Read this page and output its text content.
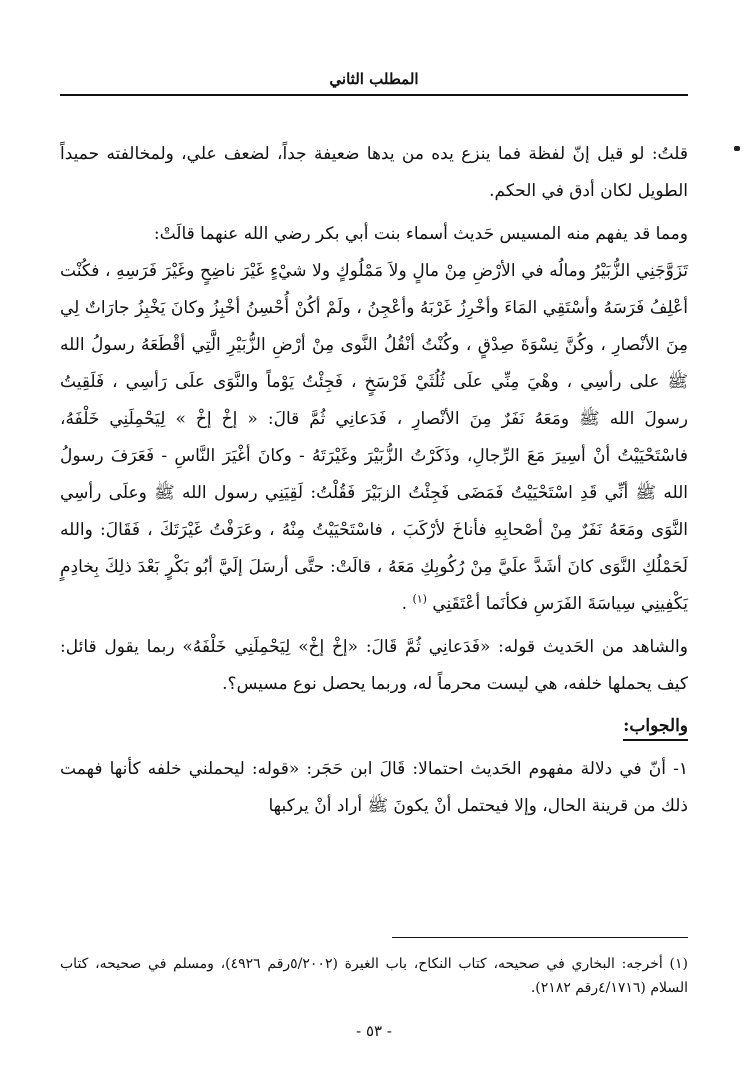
المطلب الثاني

قلتُ: لو قيل إنّ لفظة فما ينزع يده من يدها ضعيفة جداً، لضعف علي، ولمخالفته حميداً الطويل لكان أدق في الحكم.

ومما قد يفهم منه المسيس حَديث أسماء بنت أبي بكر رضي الله عنهما قالَتْ:

تَزَوَّجَنِي الزُّبَيْرُ ومالُه في الأرْضِ مِنْ مالٍ ولاَ مَمْلُوكٍ ولا شيْءٍ غَيْرَ ناضِحٍ وغَيْرَ فَرَسِهِ ، فكُنْت أعْلِفُ فَرَسَهُ وأسْتَقِي المَاءَ وأخْرِزُ غَرْبَهُ وأعْجِنُ ، ولَمْ أكُنْ أُحْسِنُ أخْبِزُ وكانَ يَخْبِزُ جارَاتٌ لِي مِنَ الأنْصارِ ، وكُنَّ نِسْوَةَ صِدْقٍ ، وكُنْتُ أنْقُلُ النَّوى مِنْ أرْضِ الزُّبَيْرِ الَّتِي أقْطَعَهُ رسولُ الله ﷺ على رأسِي ، وهْيَ مِنِّي علَى ثُلُثَيْ فَرْسَخٍ ، فَجِئْتُ يَوْماً والنَّوَى علَى رَأسِي ، فَلَقِيتُ رسولَ الله ﷺ ومَعَهُ نَفَرٌ مِنَ الأنْصارِ ، فَدَعانِي ثُمَّ قالَ: « إخْ إخْ » لِيَحْمِلَنِي خَلْفَهُ، فاسْتَحْيَيْتُ أنْ أسِيرَ مَعَ الرِّجالِ، وذَكَرْتُ الزُّبَيْرَ وغَيْرَتَهُ - وكانَ أغْيَرَ النَّاسِ - فَعَرَفَ رسولُ الله ﷺ أنِّي قَدِ اسْتَحْيَيْتُ فَمَضَى فَجِئْتُ الزبَيْرَ فَقُلْتُ: لَقِيَنِي رسول الله ﷺ وعلَى رأسِي النَّوَى ومَعَهُ نَفَرٌ مِنْ أصْحابِهِ فأناخَ لأرْكَبَ ، فاسْتَحْيَيْتُ مِنْهُ ، وعَرَفْتُ غَيْرَتَكَ ، فَقَالَ: والله لَحَمْلُكِ النَّوَى كانَ أشَدَّ علَيَّ مِنْ رُكُوبِكِ مَعَهُ ، قالَتْ: حتَّى أرسَلَ إلَيَّ أبُو بَكْرٍ بَعْدَ ذلِكَ بِخادِمٍ يَكْفِينِي سِياسَةَ الفَرَسِ فكأنَما أعْتَقَنِي $^{(١)}$ .

والشاهد من الحَديث قوله: «فَدَعانِي ثُمَّ قَالَ: «إخْ إخْ» لِيَحْمِلَنِي خَلْفَهُ» ربما يقول قائل: كيف يحملها خلفه، هي ليست محرماً له، وربما يحصل نوع مسيس؟.

والجواب:

١- أنّ في دلالة مفهوم الحَديث احتمالا: قَالَ ابن حَجَر: «قوله: ليحملني خلفه كأنها فهمت ذلك من قرينة الحال، وإلا فيحتمل أنْ يكونَ ﷺ أراد أنْ يركبها

(١) أخرجه: البخاري في صحيحه، كتاب النكاح، باب الغيرة (٥/٢٠٠٢رقم ٤٩٢٦)، ومسلم في صحيحه، كتاب السلام (٤/١٧١٦رقم ٢١٨٢).

- ٥٣ -
